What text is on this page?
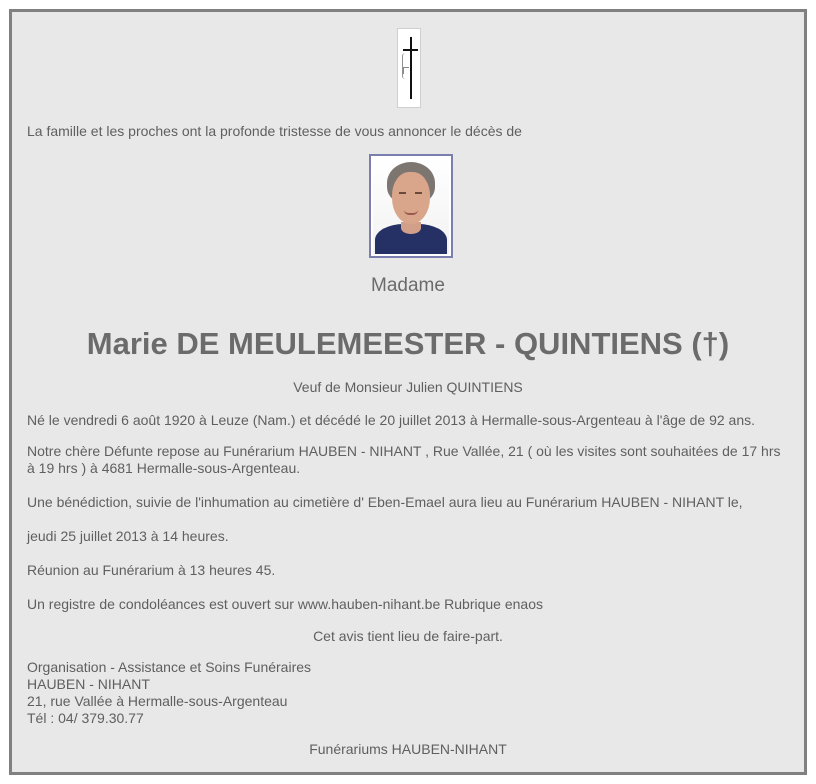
La famille et les proches ont la profonde tristesse de vous annoncer le décès de
Madame
Marie DE MEULEMEESTER - QUINTIENS (†)
Veuf de Monsieur Julien QUINTIENS
Né le vendredi 6 août 1920 à Leuze (Nam.) et décédé le 20 juillet 2013 à Hermalle-sous-Argenteau à l'âge de 92 ans.
Notre chère Défunte repose au Funérarium HAUBEN - NIHANT , Rue Vallée, 21 ( où les visites sont souhaitées de 17 hrs à 19 hrs ) à 4681 Hermalle-sous-Argenteau.
Une bénédiction, suivie de l'inhumation au cimetière d' Eben-Emael aura lieu au Funérarium HAUBEN - NIHANT le,
jeudi 25 juillet 2013 à 14 heures.
Réunion au Funérarium à 13 heures 45.
Un registre de condoléances est ouvert sur www.hauben-nihant.be Rubrique enaos
Cet avis tient lieu de faire-part.
Organisation - Assistance et Soins Funéraires
HAUBEN - NIHANT
21, rue Vallée à Hermalle-sous-Argenteau
Tél : 04/ 379.30.77
Funérariums HAUBEN-NIHANT
